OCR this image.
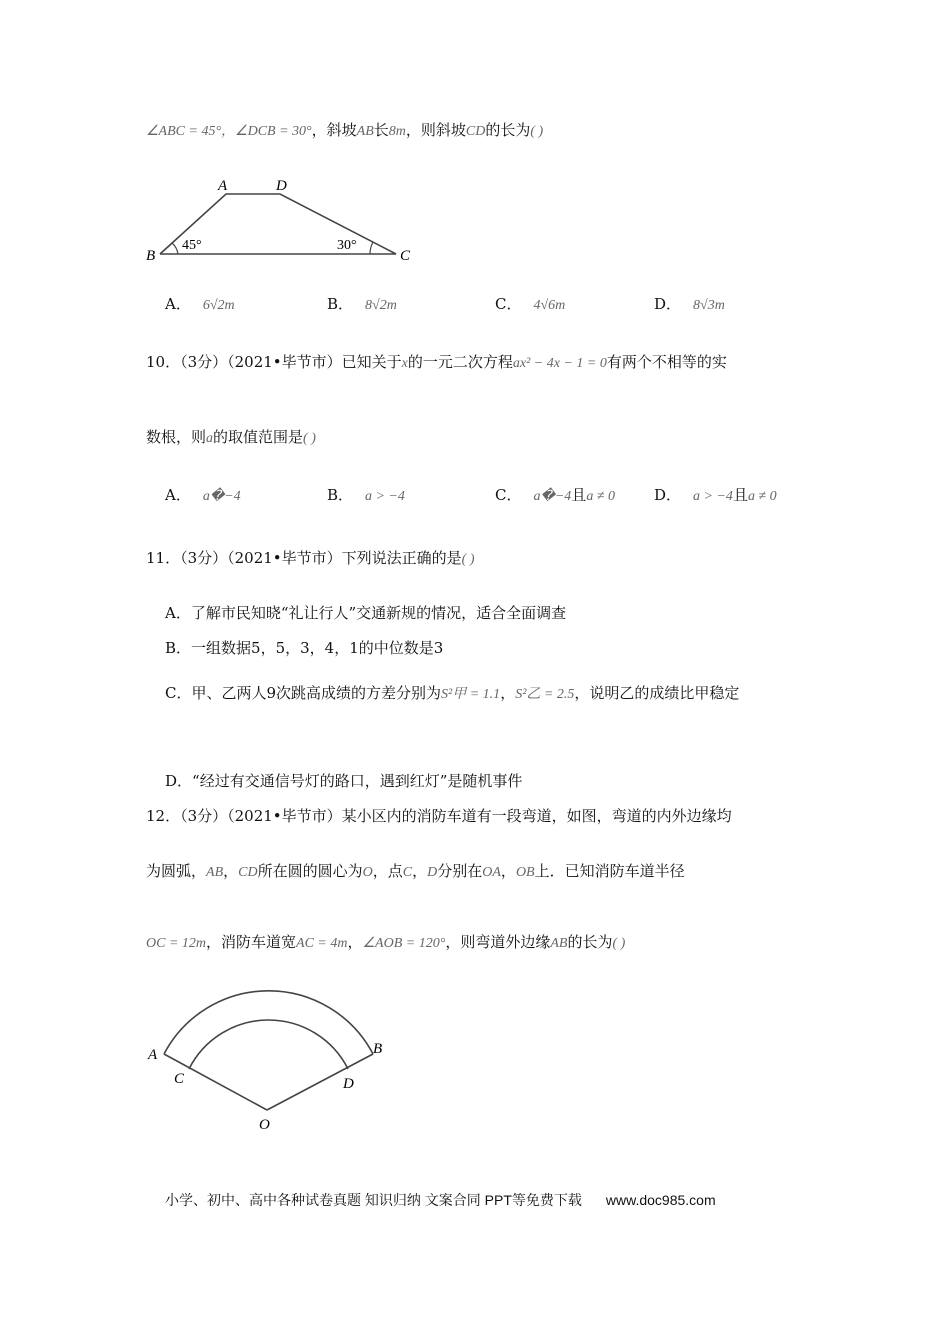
∠ABC = 45°，∠DCB = 30°，斜坡AB长8m，则斜坡CD的长为( )
A	D
B	C
45°	30°
A． 6√2m	B． 8√2m	C． 4√6m	D． 8√3m
10．（3分）（2021•毕节市）已知关于x的一元二次方程ax² − 4x − 1 = 0有两个不相等的实
数根，则a的取值范围是( )
A． a�−4	B． a > −4	C． a�−4且a ≠ 0	D． a > −4且a ≠ 0
11．（3分）（2021•毕节市）下列说法正确的是( )
A．了解市民知晓“礼让行人”交通新规的情况，适合全面调查
B．一组数据5，5，3，4，1的中位数是3
C．甲、乙两人9次跳高成绩的方差分别为S²甲 = 1.1，S²乙 = 2.5，说明乙的成绩比甲稳定
D．“经过有交通信号灯的路口，遇到红灯”是随机事件
12．（3分）（2021•毕节市）某小区内的消防车道有一段弯道，如图，弯道的内外边缘均
为圆弧，AB，CD所在圆的圆心为O，点C，D分别在OA，OB上．已知消防车道半径
OC = 12m，消防车道宽AC = 4m，∠AOB = 120°，则弯道外边缘AB的长为( )
A
C
B
D
O
小学、初中、高中各种试卷真题 知识归纳 文案合同 PPT等免费下载 www.doc985.com
